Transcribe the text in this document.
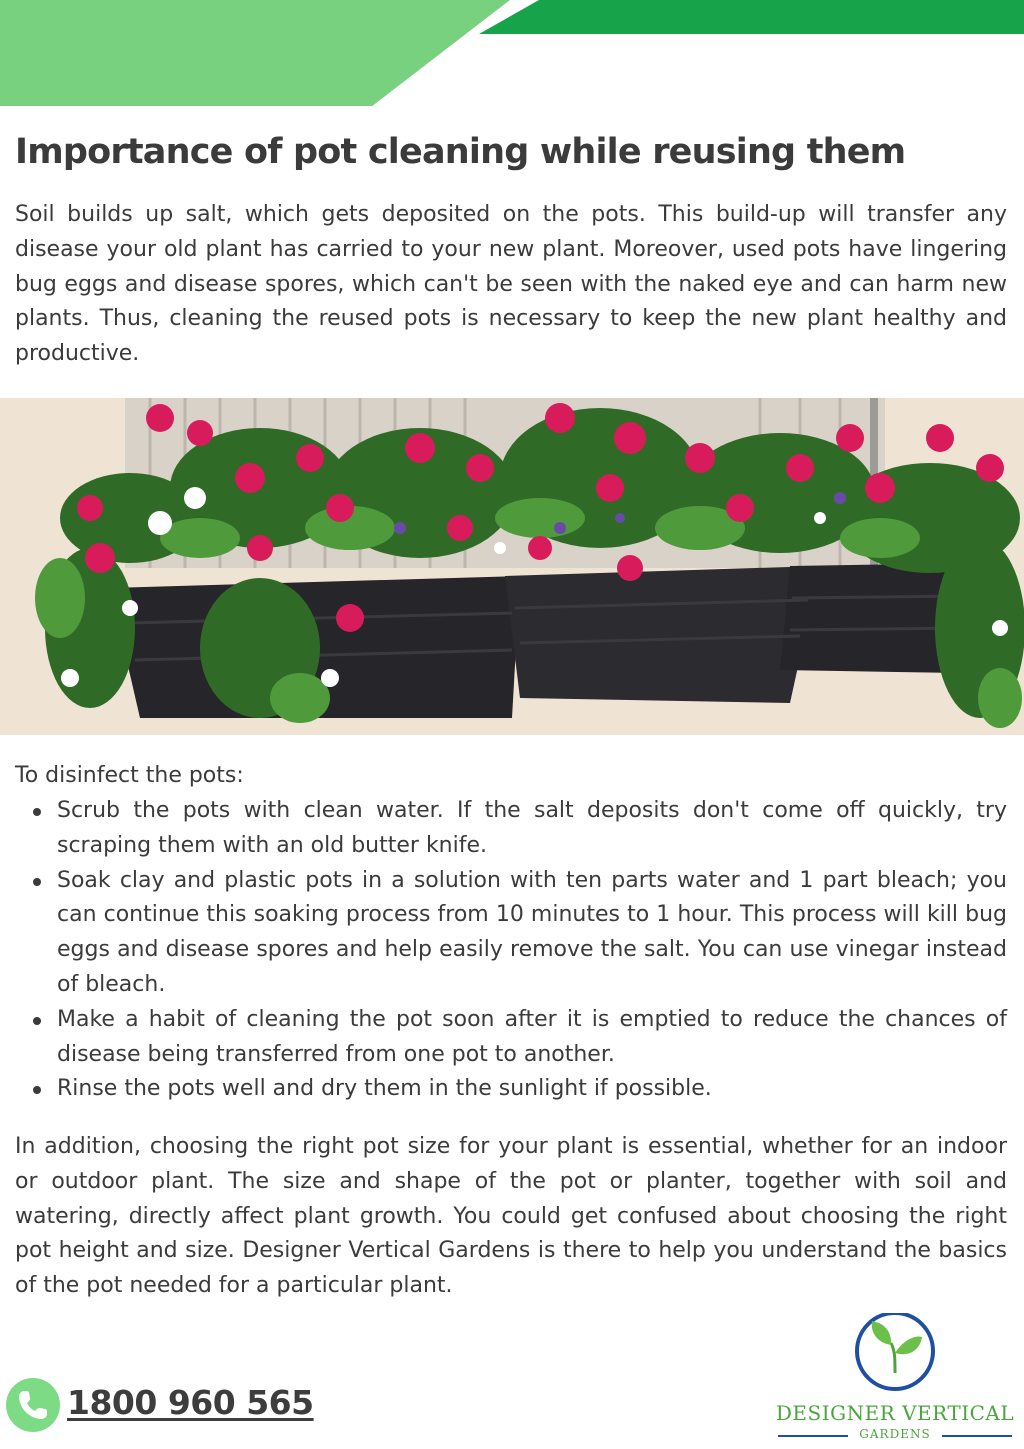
Importance of pot cleaning while reusing them

Soil builds up salt, which gets deposited on the pots. This build-up will transfer any disease your old plant has carried to your new plant. Moreover, used pots have lingering bug eggs and disease spores, which can't be seen with the naked eye and can harm new plants. Thus, cleaning the reused pots is necessary to keep the new plant healthy and productive.

To disinfect the pots:

Scrub the pots with clean water. If the salt deposits don't come off quickly, try scraping them with an old butter knife.
Soak clay and plastic pots in a solution with ten parts water and 1 part bleach; you can continue this soaking process from 10 minutes to 1 hour. This process will kill bug eggs and disease spores and help easily remove the salt. You can use vinegar instead of bleach.
Make a habit of cleaning the pot soon after it is emptied to reduce the chances of disease being transferred from one pot to another.
Rinse the pots well and dry them in the sunlight if possible.

In addition, choosing the right pot size for your plant is essential, whether for an indoor or outdoor plant. The size and shape of the pot or planter, together with soil and watering, directly affect plant growth. You could get confused about choosing the right pot height and size. Designer Vertical Gardens is there to help you understand the basics of the pot needed for a particular plant.

1800 960 565	DESIGNER VERTICAL
GARDENS
